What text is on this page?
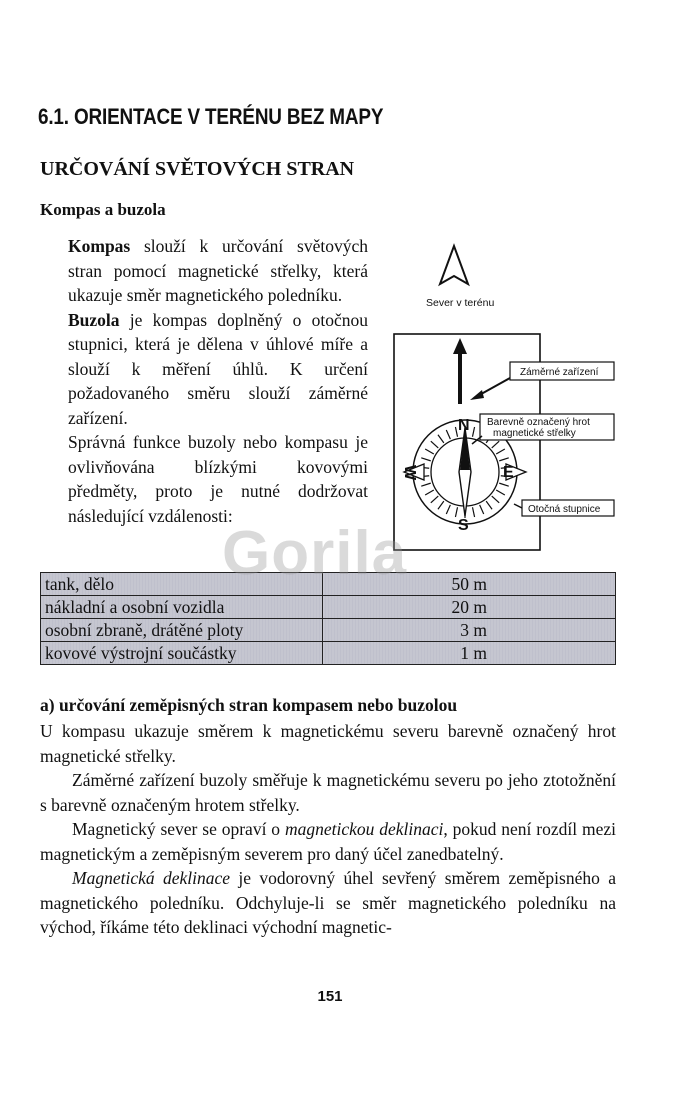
6.1. ORIENTACE V TERÉNU BEZ MAPY
URČOVÁNÍ SVĚTOVÝCH STRAN
Kompas a buzola

Kompas slouží k určování světových stran pomocí magnetické střelky, která ukazuje směr magnetického poledníku.

Buzola je kompas doplněný o otočnou stupnici, která je dělena v úhlové míře a slouží k měření úhlů. K určení požadovaného směru slouží záměrné zařízení.

Správná funkce buzoly nebo kompasu je ovlivňována blízkými kovovými předměty, proto je nutné dodržovat následující vzdálenosti:

Sever v terénu
N
S
E
W
Záměrné zařízení
Barevně označený hrot magnetické střelky
Otočná stupnice
tank, dělo	50 m
nákladní a osobní vozidla	20 m
osobní zbraně, drátěné ploty	3 m
kovové výstrojní součástky	1 m
a) určování zeměpisných stran kompasem nebo buzolou

U kompasu ukazuje směrem k magnetickému severu barevně označený hrot magnetické střelky.

Záměrné zařízení buzoly směřuje k magnetickému severu po jeho ztotožnění s barevně označeným hrotem střelky.

Magnetický sever se opraví o magnetickou deklinaci, pokud není rozdíl mezi magnetickým a zeměpisným severem pro daný účel zanedbatelný.

Magnetická deklinace je vodorovný úhel sevřený směrem zeměpisného a magnetického poledníku. Odchyluje-li se směr magnetického poledníku na východ, říkáme této deklinaci východní magnetic-

Gorila
151
